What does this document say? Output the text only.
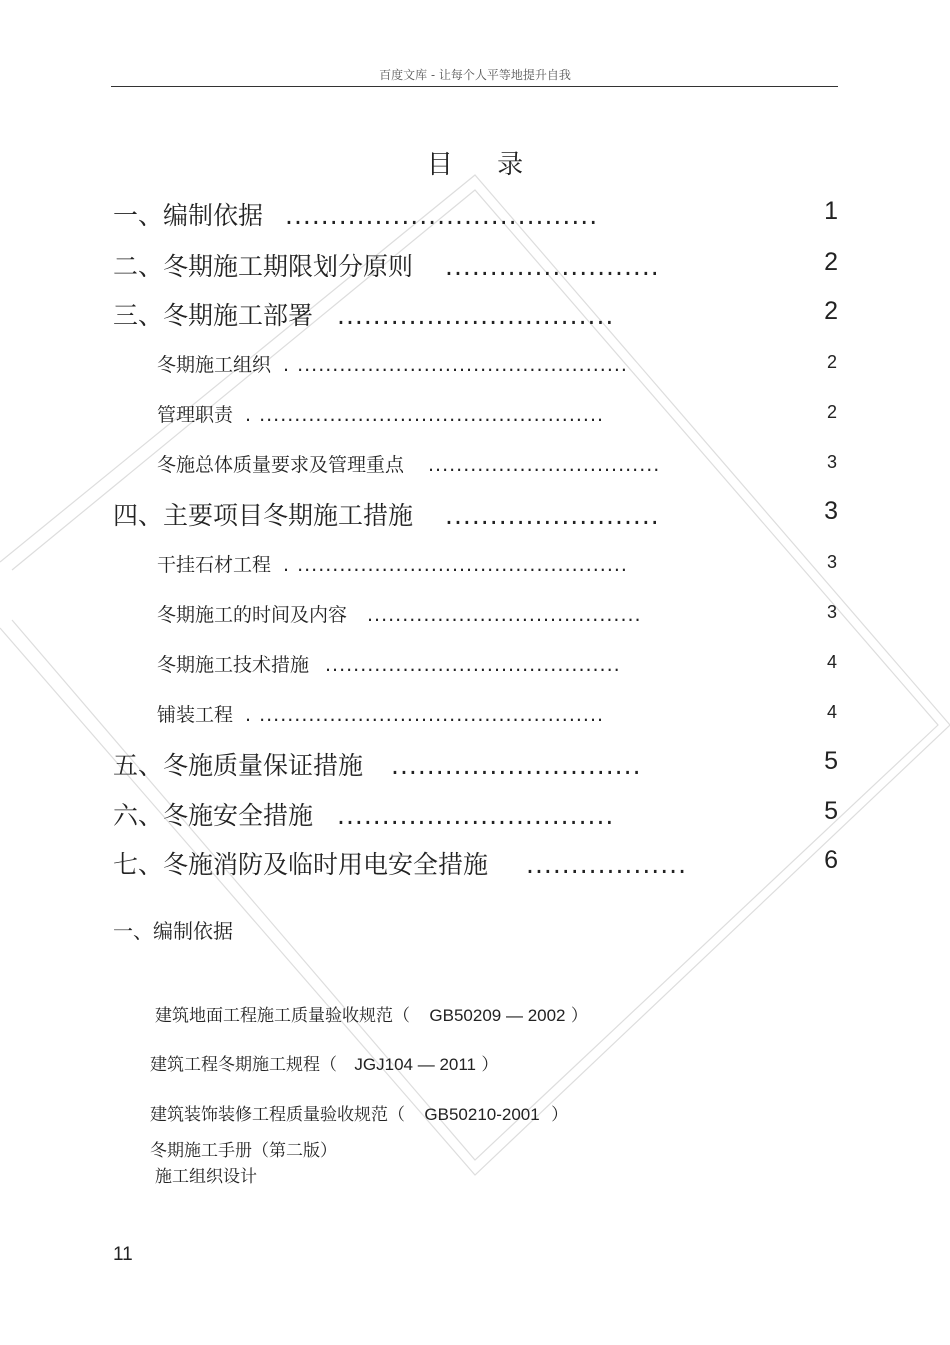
百度文库 - 让每个人平等地提升自我
目 录
一、编制依据 ...................................	1
二、冬期施工期限划分原则 ........................	2
三、冬期施工部署 ...............................	2
冬期施工组织 . ...............................................	2
管理职责 . .................................................	2
冬施总体质量要求及管理重点 .................................	3
四、主要项目冬期施工措施 ........................	3
干挂石材工程 . ...............................................	3
冬期施工的时间及内容 .......................................	3
冬期施工技术措施 ..........................................	4
铺装工程 . .................................................	4
五、冬施质量保证措施 ............................	5
六、冬施安全措施 ...............................	5
七、冬施消防及临时用电安全措施 ..................	6
一、编制依据
建筑地面工程施工质量验收规范（ GB50209 — 2002 ）
建筑工程冬期施工规程（ JGJ104 — 2011 ）
建筑装饰装修工程质量验收规范（ GB50210-2001 ）
冬期施工手册（第二版）
施工组织设计
11
